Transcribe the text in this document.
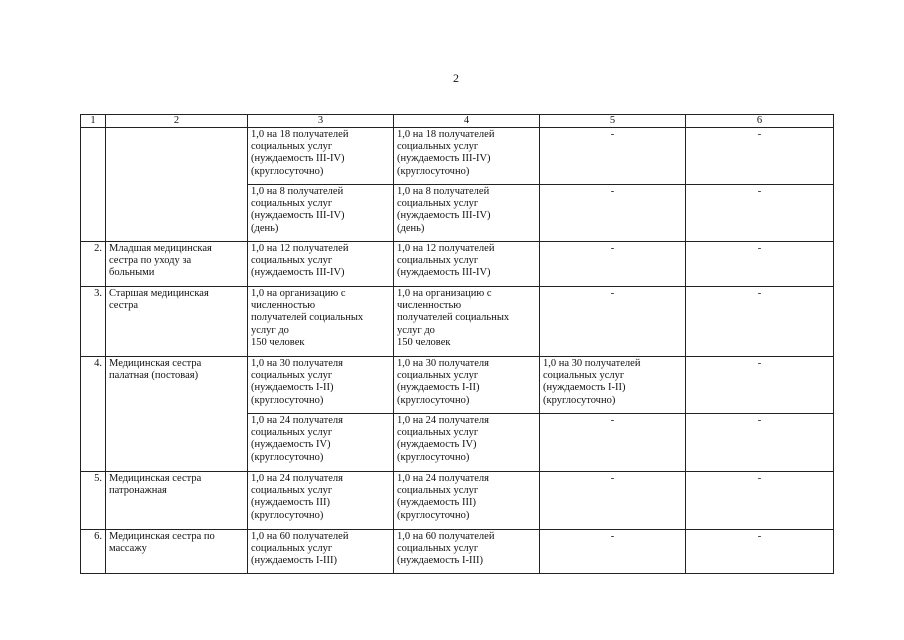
2
1	2	3	4	5	6
		1,0 на 18 получателей
социальных услуг
(нуждаемость III-IV)
(круглосуточно)	1,0 на 18 получателей
социальных услуг
(нуждаемость III-IV)
(круглосуточно)	-	-
		1,0 на 8 получателей
социальных услуг
(нуждаемость III-IV)
(день)	1,0 на 8 получателей
социальных услуг
(нуждаемость III-IV)
(день)	-	-
2.	Младшая медицинская
сестра по уходу за
больными	1,0 на 12 получателей
социальных услуг
(нуждаемость III-IV)	1,0 на 12 получателей
социальных услуг
(нуждаемость III-IV)	-	-
3.	Старшая медицинская
сестра	1,0 на организацию с
численностью
получателей социальных
услуг до
150 человек	1,0 на организацию с
численностью
получателей социальных
услуг до
150 человек	-	-
4.	Медицинская сестра
палатная (постовая)	1,0 на 30 получателя
социальных услуг
(нуждаемость I-II)
(круглосуточно)	1,0 на 30 получателя
социальных услуг
(нуждаемость I-II)
(круглосуточно)	1,0 на 30 получателей
социальных услуг
(нуждаемость I-II)
(круглосуточно)	-
		1,0 на 24 получателя
социальных услуг
(нуждаемость IV)
(круглосуточно)	1,0 на 24 получателя
социальных услуг
(нуждаемость IV)
(круглосуточно)	-	-
5.	Медицинская сестра
патронажная	1,0 на 24 получателя
социальных услуг
(нуждаемость III)
(круглосуточно)	1,0 на 24 получателя
социальных услуг
(нуждаемость III)
(круглосуточно)	-	-
6.	Медицинская сестра по
массажу	1,0 на 60 получателей
социальных услуг
(нуждаемость I-III)	1,0 на 60 получателей
социальных услуг
(нуждаемость I-III)	-	-
